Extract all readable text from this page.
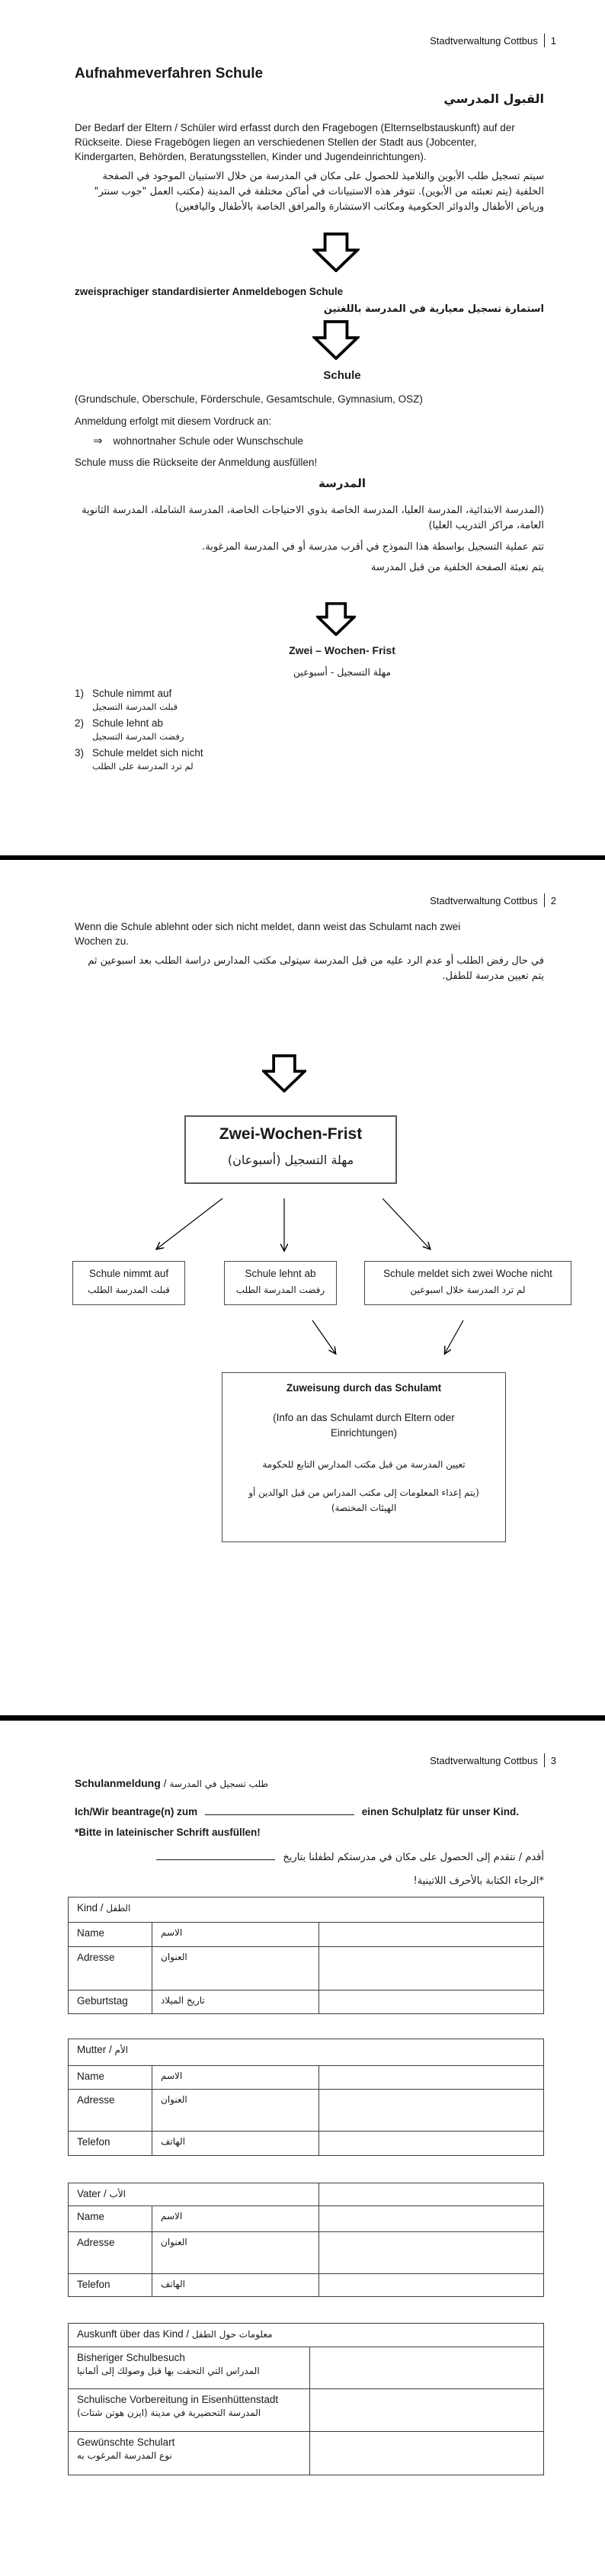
Stadtverwaltung Cottbus 1
Aufnahmeverfahren Schule
القبول المدرسي
Der Bedarf der Eltern / Schüler wird erfasst durch den Fragebogen (Elternselbstauskunft) auf der Rückseite. Diese Fragebögen liegen an verschiedenen Stellen der Stadt aus (Jobcenter, Kindergarten, Behörden, Beratungsstellen, Kinder und Jugendeinrichtungen).
سيتم تسجيل طلب الأبوين والتلاميذ للحصول على مكان في المدرسة من خلال الاستبيان الموجود في الصفحة الخلفية (يتم تعبئته من الأبوين). تتوفر هذه الاستبيانات في أماكن مختلفة في المدينة (مكتب العمل "جوب سنتر" ورياض الأطفال والدوائر الحكومية ومكاتب الاستشارة والمرافق الخاصة بالأطفال واليافعين)
zweisprachiger standardisierter Anmeldebogen Schule
استمارة تسجيل معيارية في المدرسة باللغتين
Schule
(Grundschule, Oberschule, Förderschule, Gesamtschule, Gymnasium, OSZ)
Anmeldung erfolgt mit diesem Vordruck an:
⇒ wohnortnaher Schule oder Wunschschule
Schule muss die Rückseite der Anmeldung ausfüllen!
المدرسة
(المدرسة الابتدائية، المدرسة العليا، المدرسة الخاصة بذوي الاحتياجات الخاصة، المدرسة الشاملة، المدرسة الثانوية العامة، مراكز التدريب العليا)
تتم عملية التسجيل بواسطة هذا النموذج في أقرب مدرسة أو في المدرسة المرغوبة.
يتم تعبئة الصفحة الخلفية من قبل المدرسة
Zwei – Wochen- Frist
مهلة التسجيل - أسبوعين
1) Schule nimmt auf
قبلت المدرسة التسجيل
2) Schule lehnt ab
رفضت المدرسة التسجيل
3) Schule meldet sich nicht
لم ترد المدرسة على الطلب
Stadtverwaltung Cottbus 2
Wenn die Schule ablehnt oder sich nicht meldet, dann weist das Schulamt nach zwei Wochen zu.
في حال رفض الطلب أو عدم الرد عليه من قبل المدرسة سيتولى مكتب المدارس دراسة الطلب بعد اسبوعين ثم يتم تعيين مدرسة للطفل.
Zwei-Wochen-Frist
مهلة التسجيل (أسبوعان)
Schule nimmt auf
قبلت المدرسة الطلب
Schule lehnt ab
رفضت المدرسة الطلب
Schule meldet sich zwei Woche nicht
لم ترد المدرسة خلال اسبوعين
Zuweisung durch das Schulamt
(Info an das Schulamt durch Eltern oder Einrichtungen)
تعيين المدرسة من قبل مكتب المدارس التابع للحكومة
(يتم إعداء المعلومات إلى مكتب المدراس من قبل الوالدين أو الهيئات المختصة)
Stadtverwaltung Cottbus 3
Schulanmeldung / طلب تسجيل في المدرسة
Ich/Wir beantrage(n) zum	einen Schulplatz für unser Kind.
*Bitte in lateinischer Schrift ausfüllen!
أقدم / نتقدم إلى الحصول على مكان في مدرستكم لطفلنا بتاريخ
*الرجاء الكتابة بالأحرف اللاتينية!
Kind / الطفل		
Name	الاسم	
Adresse	العنوان	
Geburtstag	تاريخ الميلاد	
Mutter / الأم		
Name	الاسم	
Adresse	العنوان	
Telefon	الهاتف	
Vater / الأب		
Name	الاسم	
Adresse	العنوان	
Telefon	الهاتف	
Auskunft über das Kind / معلومات حول الطفل	

Bisheriger Schulbesuch
المدراس التي التحقت بها قبل وصولك إلى ألمانيا	

Schulische Vorbereitung in Eisenhüttenstadt
المدرسة التحضيرية في مدينة (ايزن هوتن شتات)	

Gewünschte Schulart
نوع المدرسة المرغوب به	
